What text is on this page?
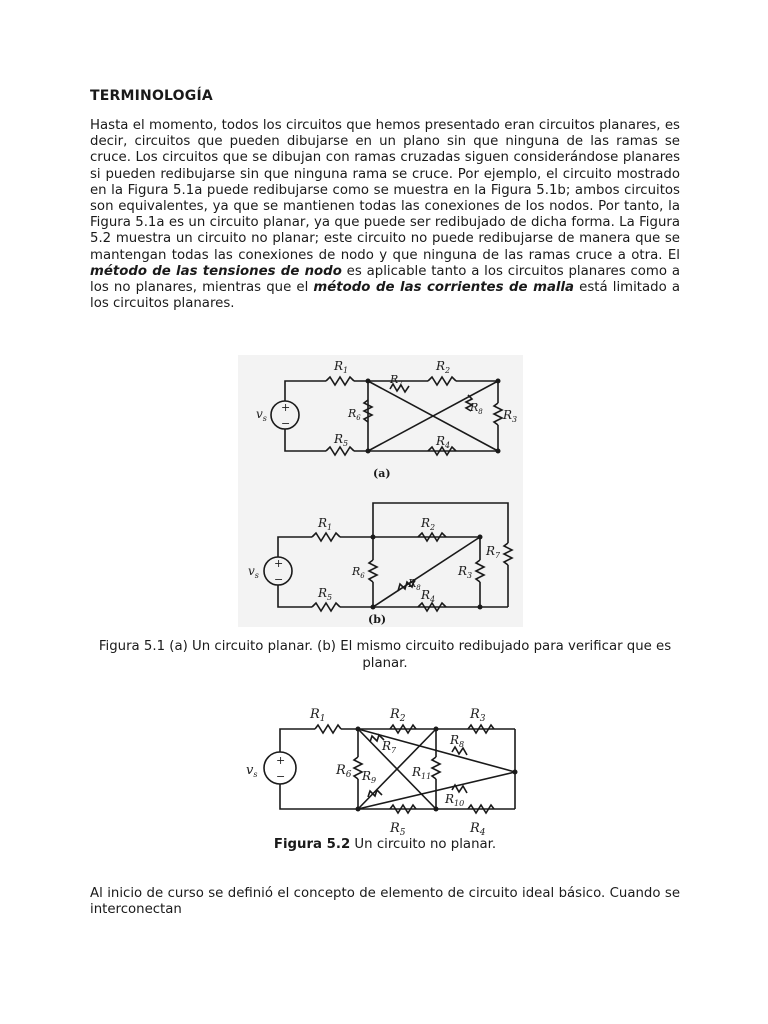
TERMINOLOGÍA

Hasta el momento, todos los circuitos que hemos presentado eran circuitos planares, es decir, circuitos que pueden dibujarse en un plano sin que ninguna de las ramas se cruce. Los circuitos que se dibujan con ramas cruzadas siguen considerándose planares si pueden redibujarse sin que ninguna rama se cruce. Por ejemplo, el circuito mostrado en la Figura 5.1a puede redibujarse como se muestra en la Figura 5.1b; ambos circuitos son equivalentes, ya que se mantienen todas las conexiones de los nodos. Por tanto, la Figura 5.1a es un circuito planar, ya que puede ser redibujado de dicha forma. La Figura 5.2 muestra un circuito no planar; este circuito no puede redibujarse de manera que se mantengan todas las conexiones de nodo y que ninguna de las ramas cruce a otra. El método de las tensiones de nodo es aplicable tanto a los circuitos planares como a los no planares, mientras que el método de las corrientes de malla está limitado a los circuitos planares.

+
−
$v_s$
$R_1$	$R_2$
$R_3$
$R_4$
$R_5$
$R_6$
$R_7$
$R_8$
(a)
+
−
$v_s$
$R_1$	$R_2$
$R_3$
$R_4$
$R_5$
$R_6$
$R_7$
$R_8$
(b)
Figura 5.1 (a) Un circuito planar. (b) El mismo circuito redibujado para verificar que es planar.
+
−
$v_s$
$R_1$	$R_2$	$R_3$
$R_4$
$R_5$
$R_6$
$R_7$
$R_8$
$R_9$
$R_{10}$
$R_{11}$
Figura 5.2 Un circuito no planar.

Al inicio de curso se definió el concepto de elemento de circuito ideal básico. Cuando se interconectan
